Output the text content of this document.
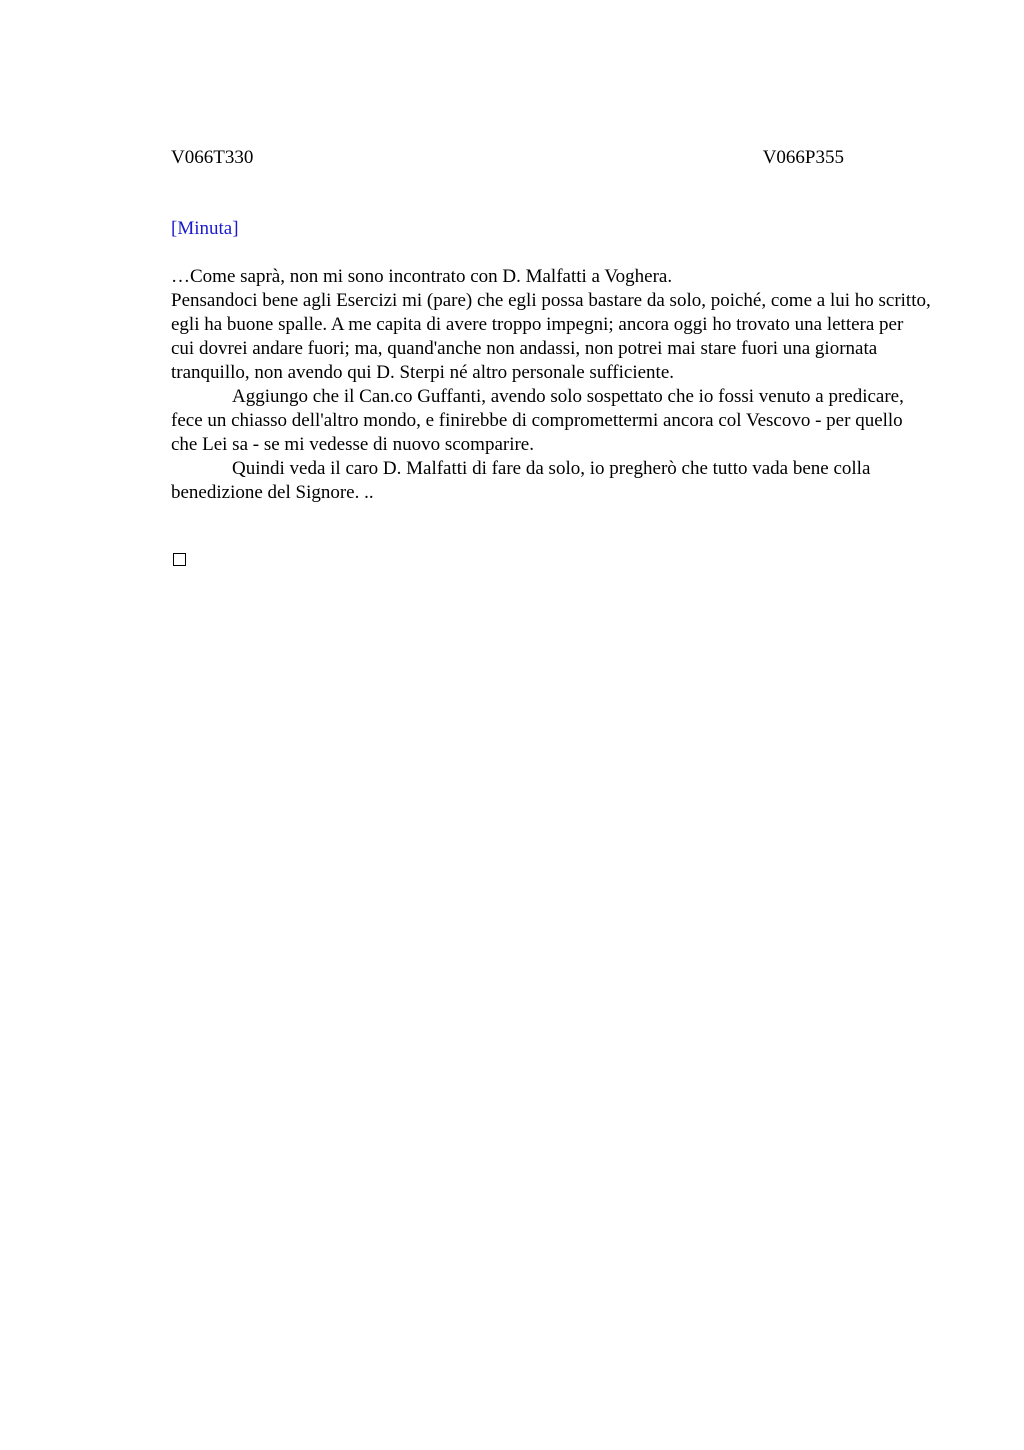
V066T330	V066P355
[Minuta]

…Come saprà, non mi sono incontrato con D. Malfatti a Voghera.

Pensandoci bene agli Esercizi mi (pare) che egli possa bastare da solo, poiché, come a lui ho scritto, egli ha buone spalle. A me capita di avere troppo impegni; ancora oggi ho trovato una lettera per cui dovrei andare fuori; ma, quand'anche non andassi, non potrei mai stare fuori una giornata tranquillo, non avendo qui D. Sterpi né altro personale sufficiente.

Aggiungo che il Can.co Guffanti, avendo solo sospettato che io fossi venuto a predicare, fece un chiasso dell'altro mondo, e finirebbe di compromettermi ancora col Vescovo - per quello che Lei sa - se mi vedesse di nuovo scomparire.

Quindi veda il caro D. Malfatti di fare da solo, io pregherò che tutto vada bene colla benedizione del Signore. ..
